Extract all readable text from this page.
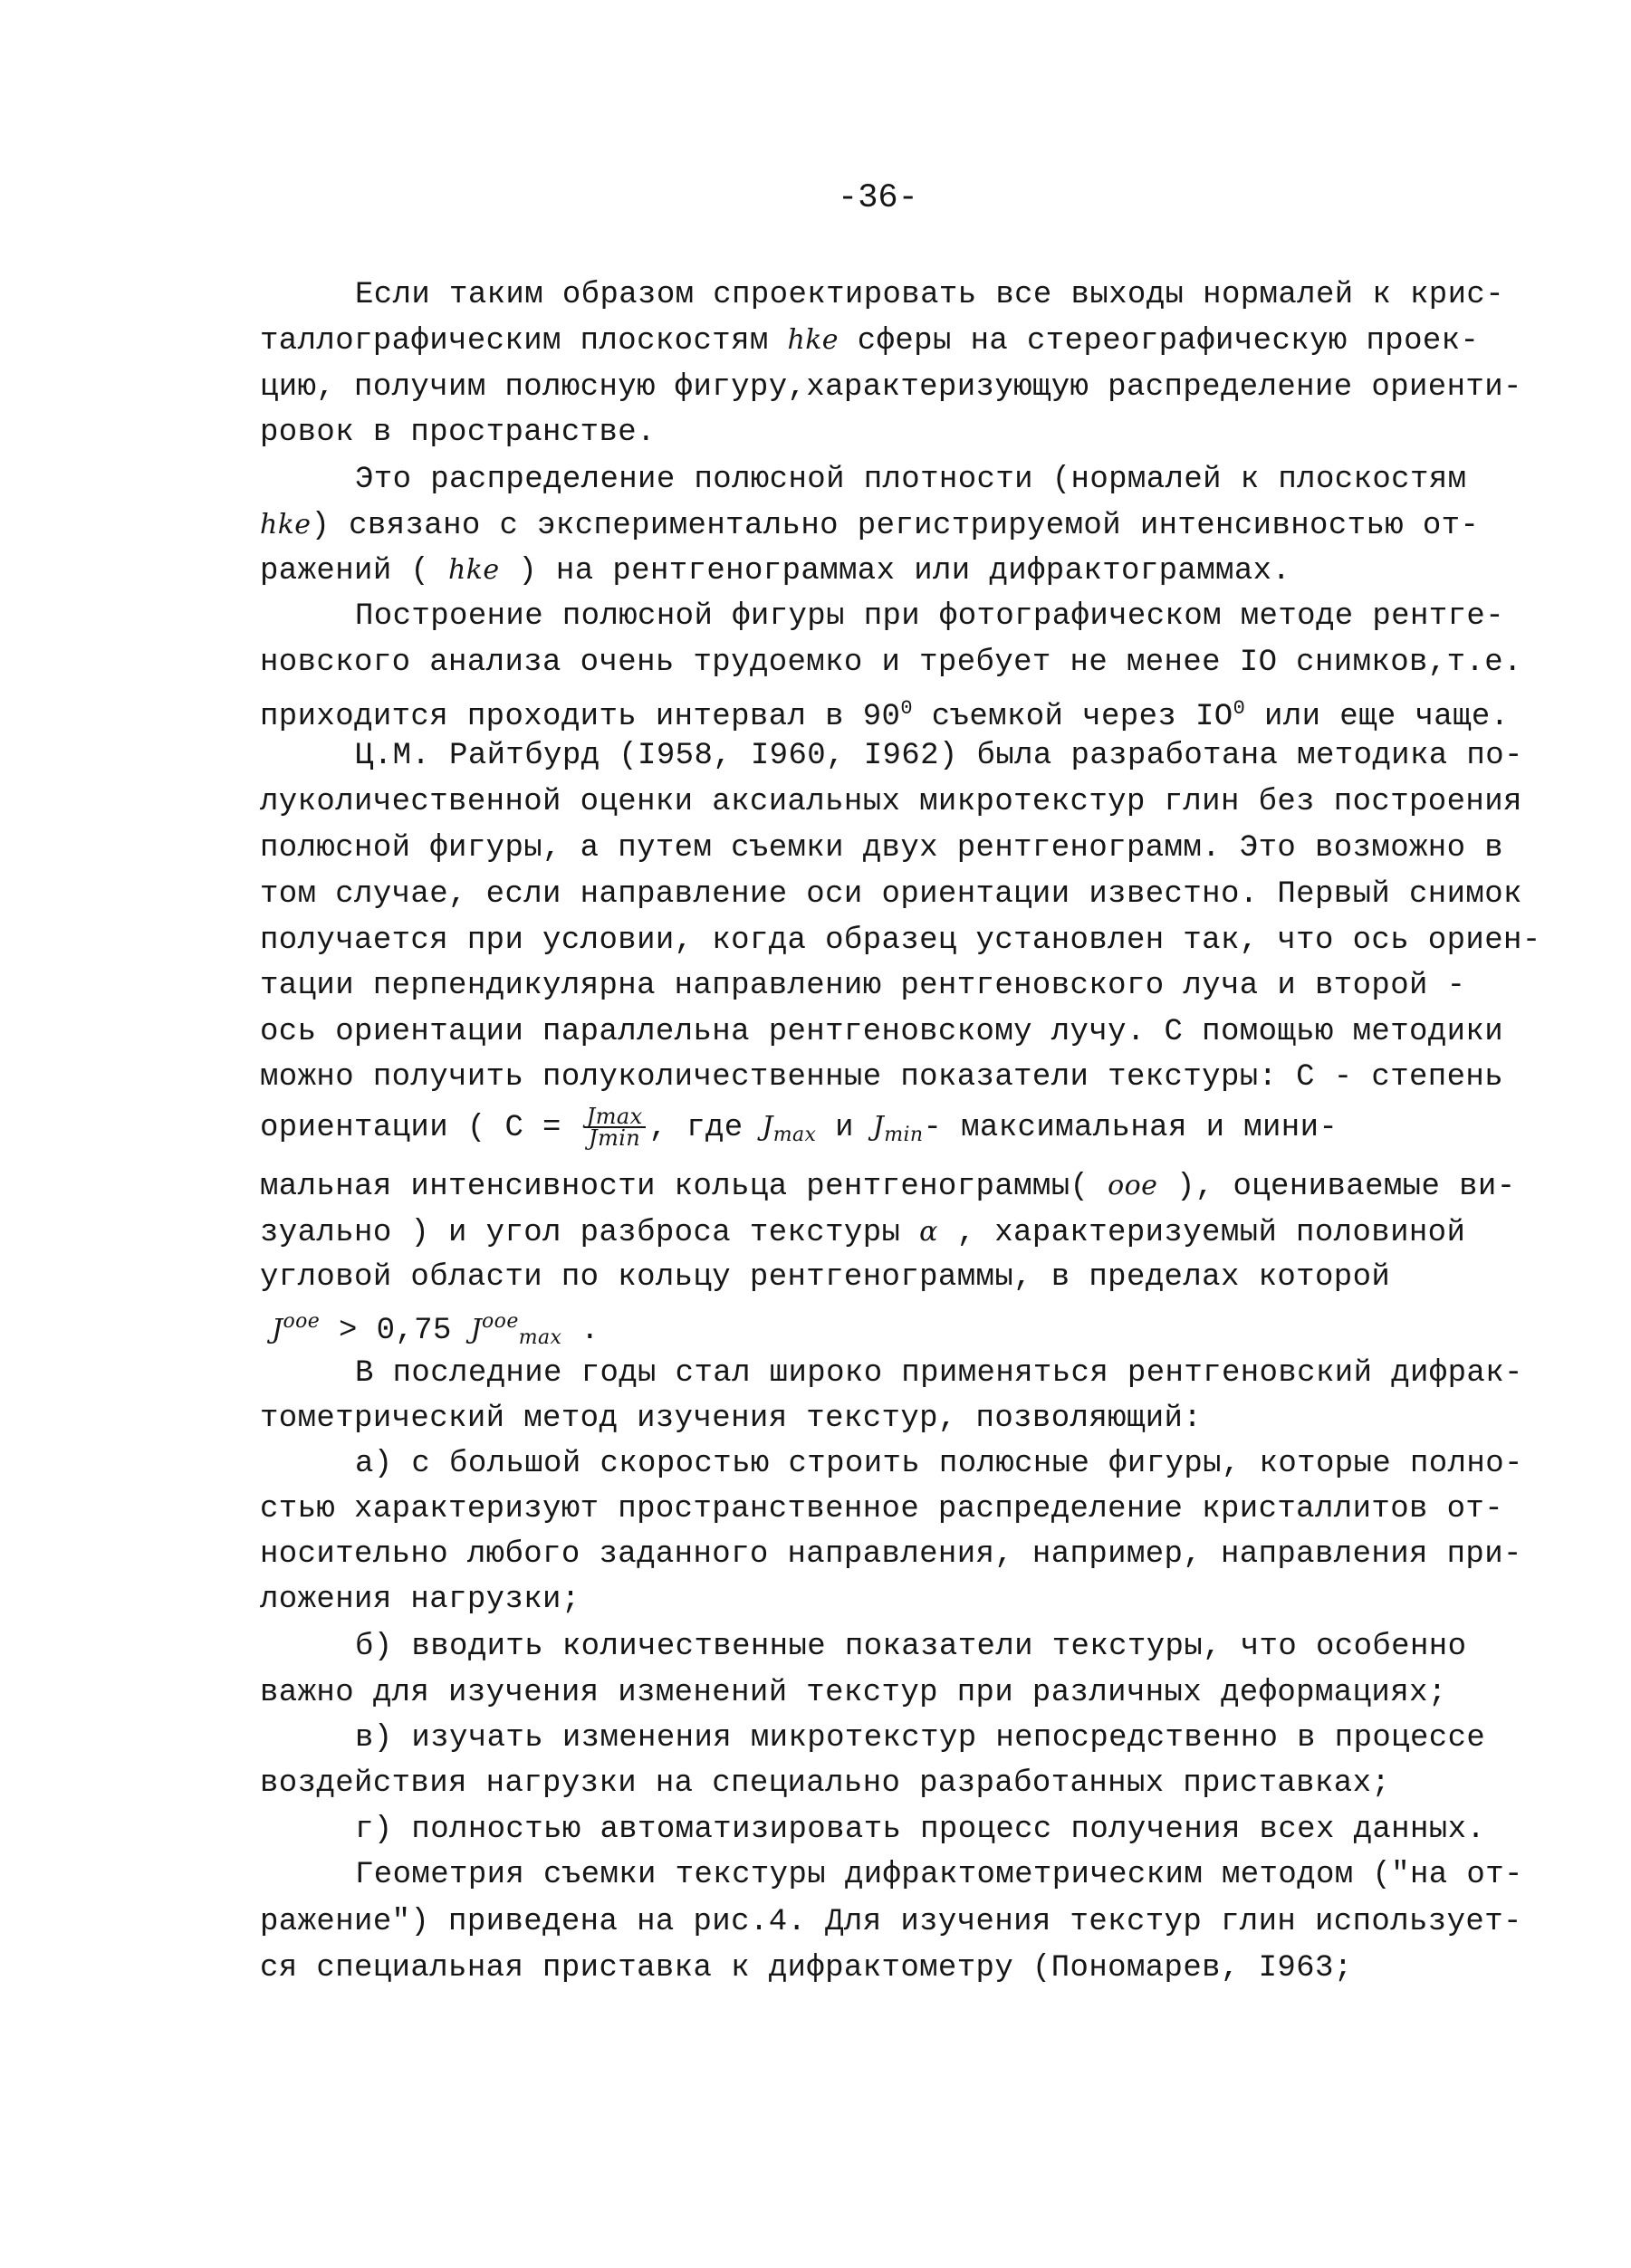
-36-

Если таким образом спроектировать все выходы нормалей к крис-

таллографическим плоскостям hke сферы на стереографическую проек-

цию, получим полюсную фигуру,характеризующую распределение ориенти-

ровок в пространстве.

Это распределение полюсной плотности (нормалей к плоскостям

hke) связано с экспериментально регистрируемой интенсивностью от-

ражений ( hke ) на рентгенограммах или дифрактограммах.

Построение полюсной фигуры при фотографическом методе рентге-

новского анализа очень трудоемко и требует не менее IO снимков,т.е.

приходится проходить интервал в $90^0$ съемкой через $IO^0$ или еще чаще.

Ц.М. Райтбурд (I958, I960, I962) была разработана методика по-

луколичественной оценки аксиальных микротекстур глин без построения

полюсной фигуры, а путем съемки двух рентгенограмм. Это возможно в

том случае, если направление оси ориентации известно. Первый снимок

получается при условии, когда образец установлен так, что ось ориен-

тации перпендикулярна направлению рентгеновского луча и второй -

ось ориентации параллельна рентгеновскому лучу. С помощью методики

можно получить полуколичественные показатели текстуры: С - степень

ориентации ( $С = \frac{Jmax}{Jmin}$ , где $J_{max}$ и $J_{min}-$ максимальная и мини-

мальная интенсивности кольца рентгенограммы( ooe ), оцениваемые ви-

зуально ) и угол разброса текстуры α , характеризуемый половиной

угловой области по кольцу рентгенограммы, в пределах которой

$J^{ooe} > 0,75$ $J^{ooe}_{max}$ .

В последние годы стал широко применяться рентгеновский дифрак-

тометрический метод изучения текстур, позволяющий:

а) с большой скоростью строить полюсные фигуры, которые полно-

стью характеризуют пространственное распределение кристаллитов от-

носительно любого заданного направления, например, направления при-

ложения нагрузки;

б) вводить количественные показатели текстуры, что особенно

важно для изучения изменений текстур при различных деформациях;

в) изучать изменения микротекстур непосредственно в процессе

воздействия нагрузки на специально разработанных приставках;

г) полностью автоматизировать процесс получения всех данных.

Геометрия съемки текстуры дифрактометрическим методом ("на от-

ражение") приведена на рис.4. Для изучения текстур глин использует-

ся специальная приставка к дифрактометру (Пономарев, I963;
